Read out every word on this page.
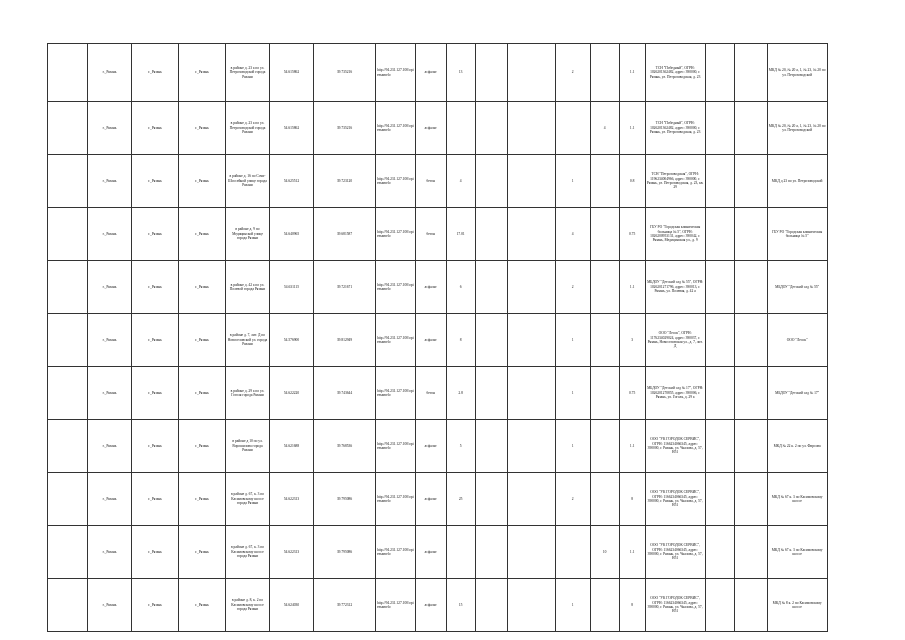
	г._Рязань	г._Рязань	г._Рязань	в районе д. 23 а по ул. Петрозоводской города Рязани	54.615862	39.735216	http://94.231.127.100/opi ensamelo	асфальт	13			2		1.1	ТСН "Победный", ОГРН: 1026201362482, адрес: 390000, г. Рязань, ул. Петрозоводская, д. 23			МКД № 20, № 20 а, 1, № 23, № 20 по ул. Петрозоводской
	г._Рязань	г._Рязань	г._Рязань	в районе д. 23 а по ул. Петрозоводской города Рязани	54.615862	39.735216	http://94.231.127.100/opi ensamelo	асфальт					4	1.1	ТСН "Победный", ОГРН: 1026201362482, адрес: 390000, г. Рязань, ул. Петрозоводская, д. 23			МКД № 20, № 20 а, 1, № 23, № 20 по ул. Петрозоводской
	г._Рязань	г._Рязань	г._Рязань	в районе д. 16 по Сочи-Шоссейной улице города Рязани	54.625512	39.723120	http://94.231.127.100/opi ensamelo	бетон	4			1		0.8	ТСН "Петрозоводская", ОГРН: 1196234004966, адрес: 390000, г. Рязань, ул. Петрозоводская, д. 23, кв. 29			МКД д 23 по ул. Петрозоводской
	г._Рязань	г._Рязань	г._Рязань	в районе д. 9 по Медицинской улице города Рязани	54.640965	39.681587	http://94.231.127.100/opi ensamelo	бетон	17.01			4		0.75	ГБУ РО "Городская клиническая больница № 5", ОГРН: 1026200953131, адрес: 390042, г. Рязань, Медицинская ул., д. 9			ГБУ РО "Городская клиническая больница № 5"
	г._Рязань	г._Рязань	г._Рязань	в районе д. 42 а по ул. Полевой города Рязани	54.631115	39.721671	http://94.231.127.100/opi ensamelo	асфальт	6			2		1.1	МБДОУ "Детский сад № 55", ОГРН: 1026201271796, адрес: 390013, г. Рязань, ул. Полевая, д. 42 а			МБДОУ "Детский сад № 55"
	г._Рязань	г._Рязань	г._Рязань	в районе д. 7, лит. Д по Новоселовской ул. города Рязани	54.576900	39.812949	http://94.231.127.100/opi ensamelo	асфальт	8			1		3	ООО "Лесок", ОГРН: 1176234029024, адрес: 390037, г. Рязань, Новоселовская ул., д. 7, лит. Д			ООО "Лесок"
	г._Рязань	г._Рязань	г._Рязань	в районе д. 29 а по ул. Гоголя города Рязани	54.622220	39.743644	http://94.231.127.100/opi ensamelo	бетон	2.8			1		0.75	МБДОУ "Детский сад № 17", ОГРН: 1026201270855, адрес: 390006, г. Рязань, ул. Гоголя, д. 29 а			МБДОУ "Детский сад № 17"
	г._Рязань	г._Рязань	г._Рязань	в районе д 10 по ул. Ворошилова города Рязани	54.621688	39.768536	http://94.231.127.100/opi ensamelo	асфальт	5			1		1.1	ООО "УК ГОРОДОК СЕРВИС", ОГРН: 1166234066345, адрес: 390000, г. Рязань, ул. Чкалова, д. 57, Н51			МКД № 22 к. 2 по ул. Фирсова
	г._Рязань	г._Рязань	г._Рязань	в районе д. 67, к. 3 по Касимовскому шоссе города Рязани	54.622313	39.795086	http://94.231.127.100/opi ensamelo	асфальт	25			2		8	ООО "УК ГОРОДОК СЕРВИС", ОГРН: 1166234066345, адрес: 390000, г. Рязань, ул. Чкалова, д. 57, Н51			МКД № 67 к. 3 по Касимовскому шоссе
	г._Рязань	г._Рязань	г._Рязань	в районе д. 67, к. 3 по Касимовскому шоссе города Рязани	54.622313	39.795086	http://94.231.127.100/opi ensamelo	асфальт					10	1.1	ООО "УК ГОРОДОК СЕРВИС", ОГРН: 1166234066345, адрес: 390000, г. Рязань, ул. Чкалова, д. 57, Н51			МКД № 67 к. 3 по Касимовскому шоссе
	г._Рязань	г._Рязань	г._Рязань	в районе д. 8, к. 2 по Касимовскому шоссе города Рязани	54.624030	39.772312	http://94.231.127.100/opi ensamelo	асфальт	15			1		8	ООО "УК ГОРОДОК СЕРВИС", ОГРН: 1166234066345, адрес: 390000, г. Рязань, ул. Чкалова, д. 57, Н51			МКД № 8 к. 2 по Касимовскому шоссе
